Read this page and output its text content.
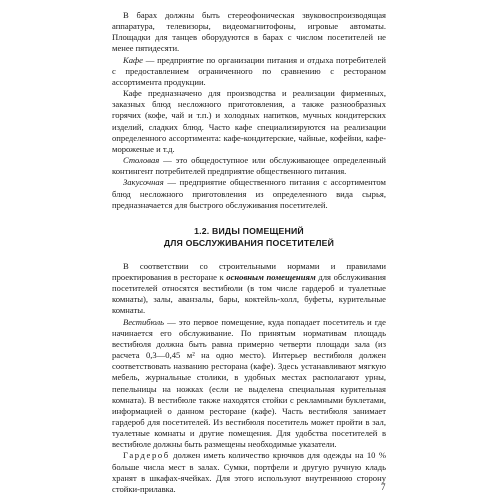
В барах должны быть стереофоническая звуковоспроизводящая аппаратура, телевизоры, видеомагнитофоны, игровые автоматы. Площадки для танцев оборудуются в барах с числом посетителей не менее пятидесяти.

Кафе — предприятие по организации питания и отдыха потребителей с предоставлением ограниченного по сравнению с рестораном ассортимента продукции.

Кафе предназначено для производства и реализации фирменных, заказных блюд несложного приготовления, а также разнообразных горячих (кофе, чай и т.п.) и холодных напитков, мучных кондитерских изделий, сладких блюд. Часто кафе специализируются на реализации определенного ассортимента: кафе-кондитерские, чайные, кофейни, кафе-мороженые и т.д.

Столовая — это общедоступное или обслуживающее определенный контингент потребителей предприятие общественного питания.

Закусочная — предприятие общественного питания с ассортиментом блюд несложного приготовления из определенного вида сырья, предназначается для быстрого обслуживания посетителей.

1.2. ВИДЫ ПОМЕЩЕНИЙ
ДЛЯ ОБСЛУЖИВАНИЯ ПОСЕТИТЕЛЕЙ

В соответствии со строительными нормами и правилами проектирования в ресторане к основным помещениям для обслуживания посетителей относятся вестибюли (в том числе гардероб и туалетные комнаты), залы, аванзалы, бары, коктейль-холл, буфеты, курительные комнаты.

Вестибюль — это первое помещение, куда попадает посетитель и где начинается его обслуживание. По принятым нормативам площадь вестибюля должна быть равна примерно четверти площади зала (из расчета 0,3—0,45 м² на одно место). Интерьер вестибюля должен соответствовать названию ресторана (кафе). Здесь устанавливают мягкую мебель, журнальные столики, в удобных местах располагают урны, пепельницы на ножках (если не выделена специальная курительная комната). В вестибюле также находятся стойки с рекламными буклетами, информацией о данном ресторане (кафе). Часть вестибюля занимает гардероб для посетителей. Из вестибюля посетитель может пройти в зал, туалетные комнаты и другие помещения. Для удобства посетителей в вестибюле должны быть размещены необходимые указатели.

Гардероб должен иметь количество крючков для одежды на 10 % больше числа мест в залах. Сумки, портфели и другую ручную кладь хранят в шкафах-ячейках. Для этого используют внутреннюю сторону стойки-прилавка.	7
